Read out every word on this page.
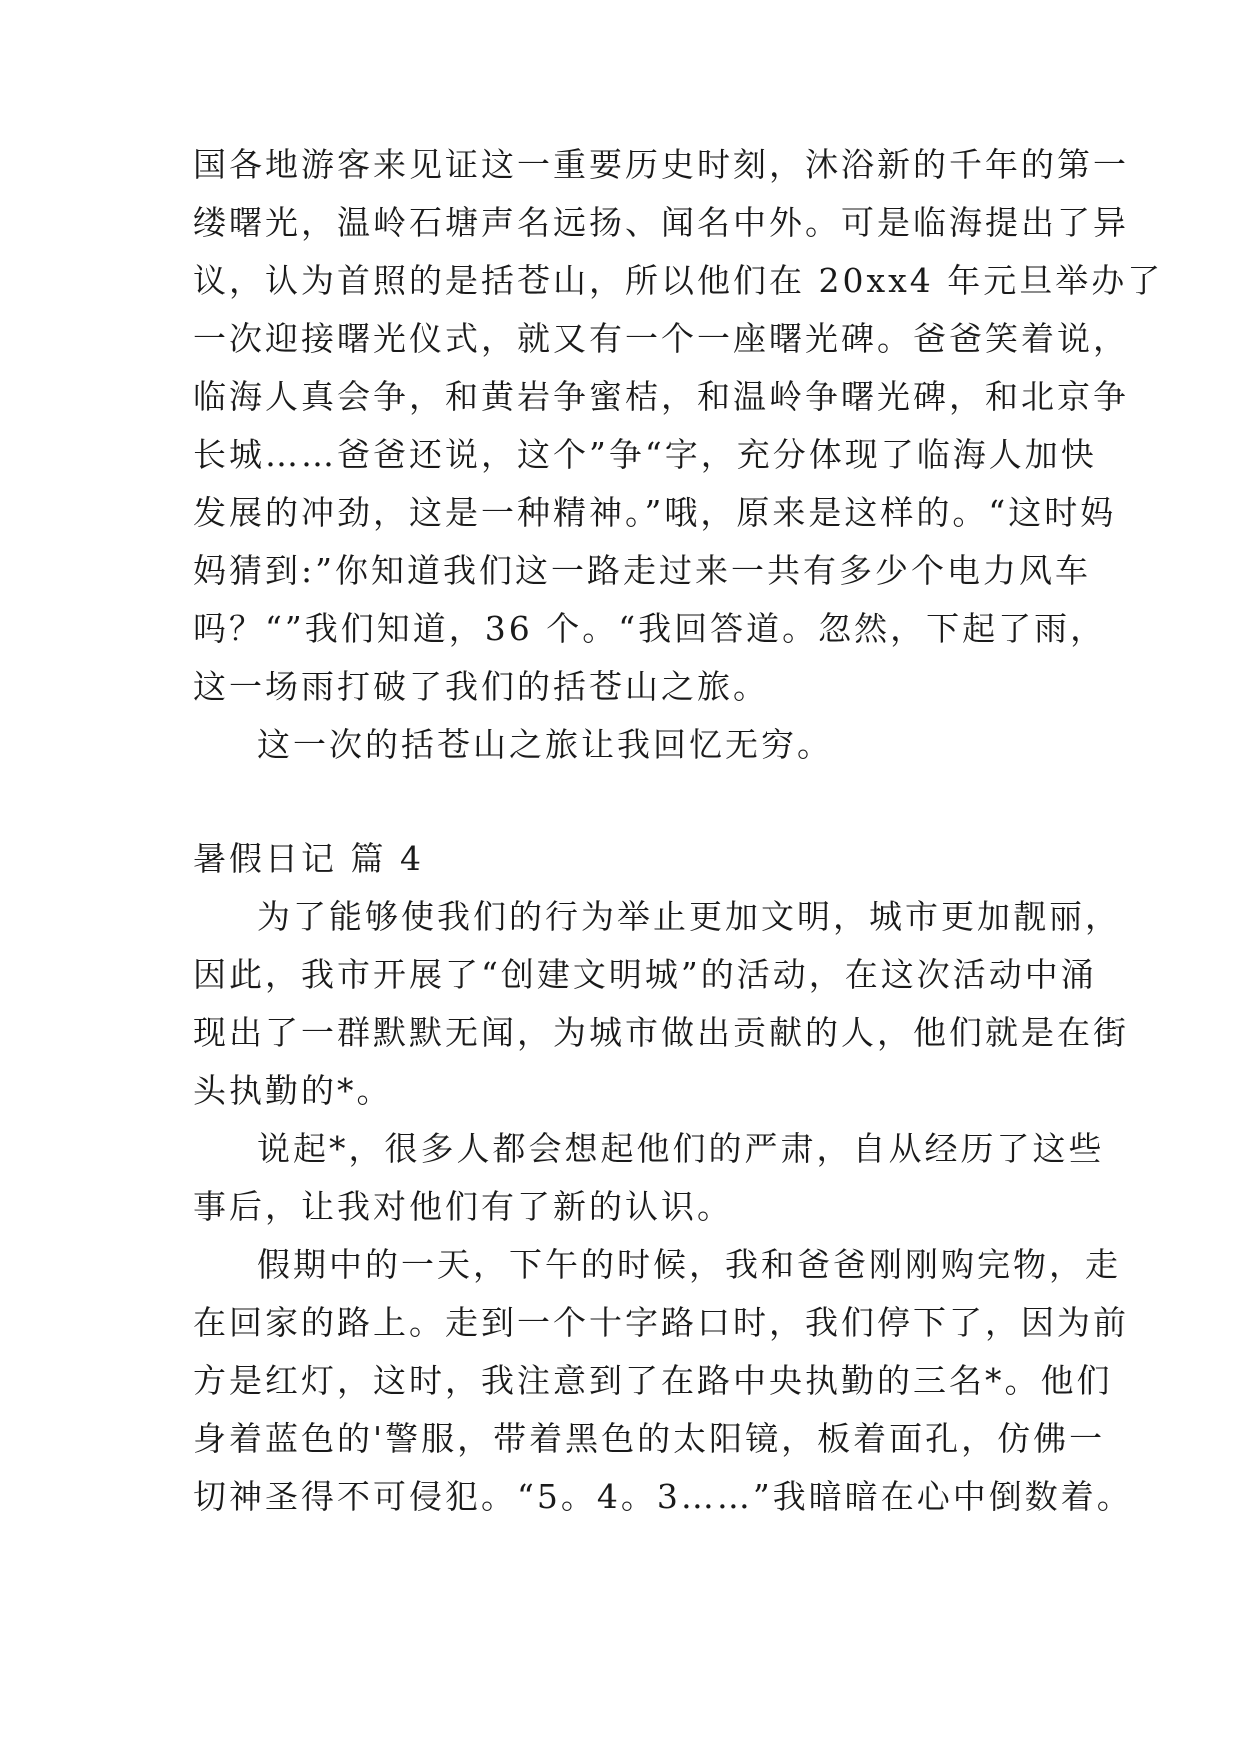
国各地游客来见证这一重要历史时刻，沐浴新的千年的第一
缕曙光，温岭石塘声名远扬、闻名中外。可是临海提出了异
议，认为首照的是括苍山，所以他们在 20xx4 年元旦举办了
一次迎接曙光仪式，就又有一个一座曙光碑。爸爸笑着说，
临海人真会争，和黄岩争蜜桔，和温岭争曙光碑，和北京争
长城……爸爸还说，这个”争“字，充分体现了临海人加快
发展的冲劲，这是一种精神。”哦，原来是这样的。“这时妈
妈猜到:”你知道我们这一路走过来一共有多少个电力风车
吗？“”我们知道，36 个。“我回答道。忽然，下起了雨，
这一场雨打破了我们的括苍山之旅。
这一次的括苍山之旅让我回忆无穷。
暑假日记 篇 4
为了能够使我们的行为举止更加文明，城市更加靓丽，
因此，我市开展了“创建文明城”的活动，在这次活动中涌
现出了一群默默无闻，为城市做出贡献的人，他们就是在街
头执勤的*。
说起*，很多人都会想起他们的严肃，自从经历了这些
事后，让我对他们有了新的认识。
假期中的一天，下午的时候，我和爸爸刚刚购完物，走
在回家的路上。走到一个十字路口时，我们停下了，因为前
方是红灯，这时，我注意到了在路中央执勤的三名*。他们
身着蓝色的'警服，带着黑色的太阳镜，板着面孔，仿佛一
切神圣得不可侵犯。“5。4。3……”我暗暗在心中倒数着。
